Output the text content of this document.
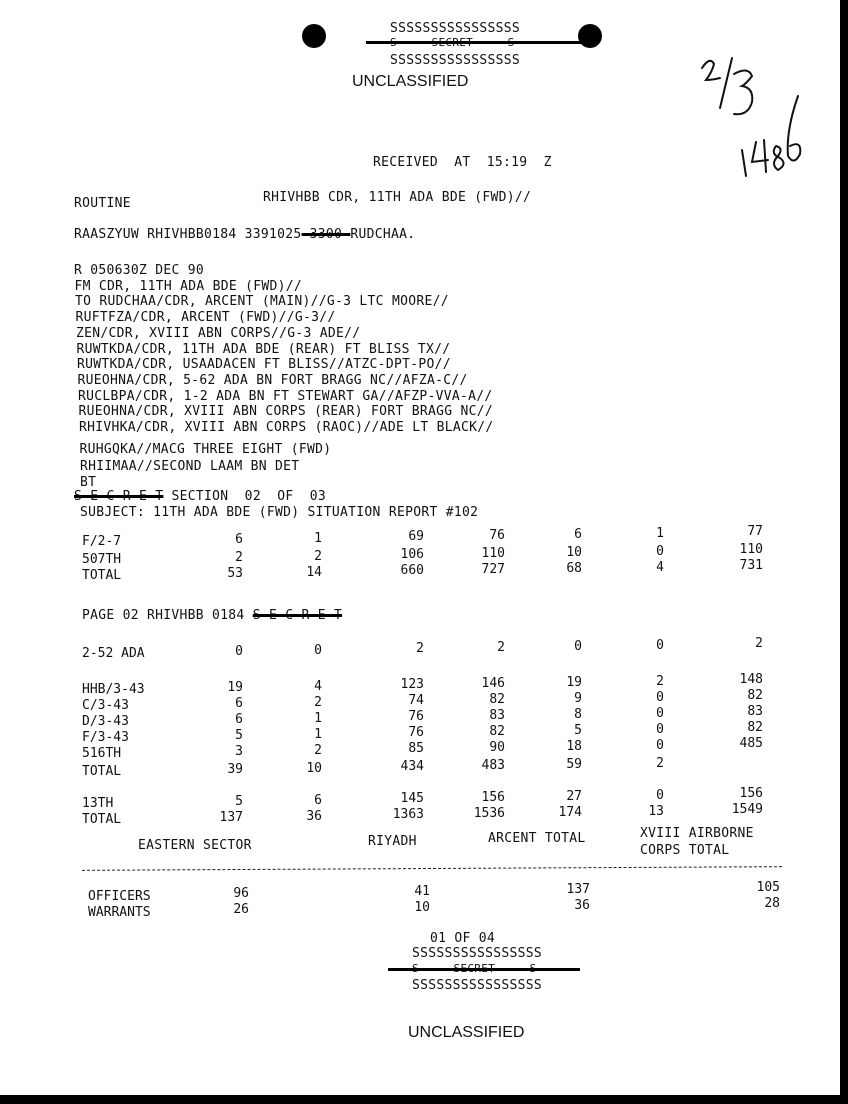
SSSSSSSSSSSSSSSS
SSSSSSSSSSSSSSSS
UNCLASSIFIED
RECEIVED  AT  15:19  Z
ROUTINE	RHIVHBB CDR, 11TH ADA BDE (FWD)//
RAASZYUW RHIVHBB0184 3391025-3300-RUDCHAA.
R 050630Z DEC 90
FM CDR, 11TH ADA BDE (FWD)//
TO RUDCHAA/CDR, ARCENT (MAIN)//G-3 LTC MOORE//
RUFTFZA/CDR, ARCENT (FWD)//G-3//
ZEN/CDR, XVIII ABN CORPS//G-3 ADE//
RUWTKDA/CDR, 11TH ADA BDE (REAR) FT BLISS TX//
RUWTKDA/CDR, USAADACEN FT BLISS//ATZC-DPT-PO//
RUEOHNA/CDR, 5-62 ADA BN FORT BRAGG NC//AFZA-C//
RUCLBPA/CDR, 1-2 ADA BN FT STEWART GA//AFZP-VVA-A//
RUEOHNA/CDR, XVIII ABN CORPS (REAR) FORT BRAGG NC//
RHIVHKA/CDR, XVIII ABN CORPS (RAOC)//ADE LT BLACK//
RUHGQKA//MACG THREE EIGHT (FWD)
RHIIMAA//SECOND LAAM BN DET
BT
S E C R E T SECTION  02  OF  03
SUBJECT: 11TH ADA BDE (FWD) SITUATION REPORT #102
PAGE 02 RHIVHBB 0184 S E C R E T
F/2-7	6	1	69	76	6	1	77
507TH	2	2	106	110	10	0	110
TOTAL	53	14	660	727	68	4	731
2-52 ADA	0	0	2	2	0	0	2
HHB/3-43	19	4	123	146	19	2	148
C/3-43	6	2	74	82	9	0	82
D/3-43	6	1	76	83	8	0	83
F/3-43	5	1	76	82	5	0	82
516TH	3	2	85	90	18	0	485
TOTAL	39	10	434	483	59	2
13TH	5	6	145	156	27	0	156
TOTAL	137	36	1363	1536	174	13	1549
EASTERN SECTOR	RIYADH	ARCENT TOTAL	XVIII AIRBORNE
CORPS TOTAL
OFFICERS	96	41	137	105
WARRANTS	26	10	36	28
01 OF 04
SSSSSSSSSSSSSSSS
SSSSSSSSSSSSSSSS
UNCLASSIFIED
